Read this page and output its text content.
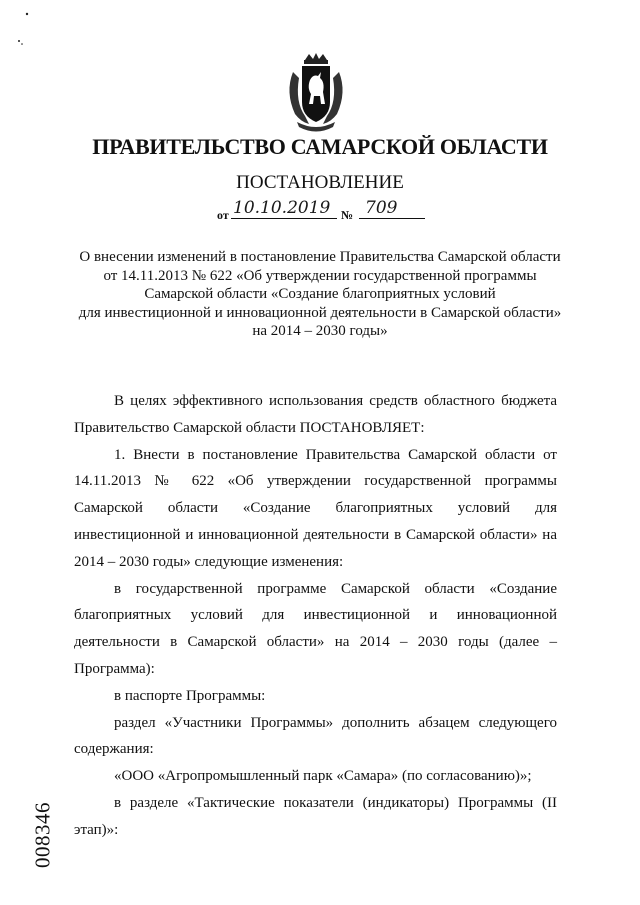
ПРАВИТЕЛЬСТВО САМАРСКОЙ ОБЛАСТИ
ПОСТАНОВЛЕНИЕ
от 10.10.2019 № 709
О внесении изменений в постановление Правительства Самарской области
от 14.11.2013 № 622 «Об утверждении государственной программы
Самарской области «Создание благоприятных условий
для инвестиционной и инновационной деятельности в Самарской области»
на 2014 – 2030 годы»

В целях эффективного использования средств областного бюджета Правительство Самарской области ПОСТАНОВЛЯЕТ:

1. Внести в постановление Правительства Самарской области от 14.11.2013 № 622 «Об утверждении государственной программы Самарской области «Создание благоприятных условий для инвестиционной и инновационной деятельности в Самарской области» на 2014 – 2030 годы» следующие изменения:

в государственной программе Самарской области «Создание благоприятных условий для инвестиционной и инновационной деятельности в Самарской области» на 2014 – 2030 годы (далее – Программа):

в паспорте Программы:

раздел «Участники Программы» дополнить абзацем следующего содержания:

«ООО «Агропромышленный парк «Самара» (по согласованию)»;

в разделе «Тактические показатели (индикаторы) Программы (II этап)»:

008346
